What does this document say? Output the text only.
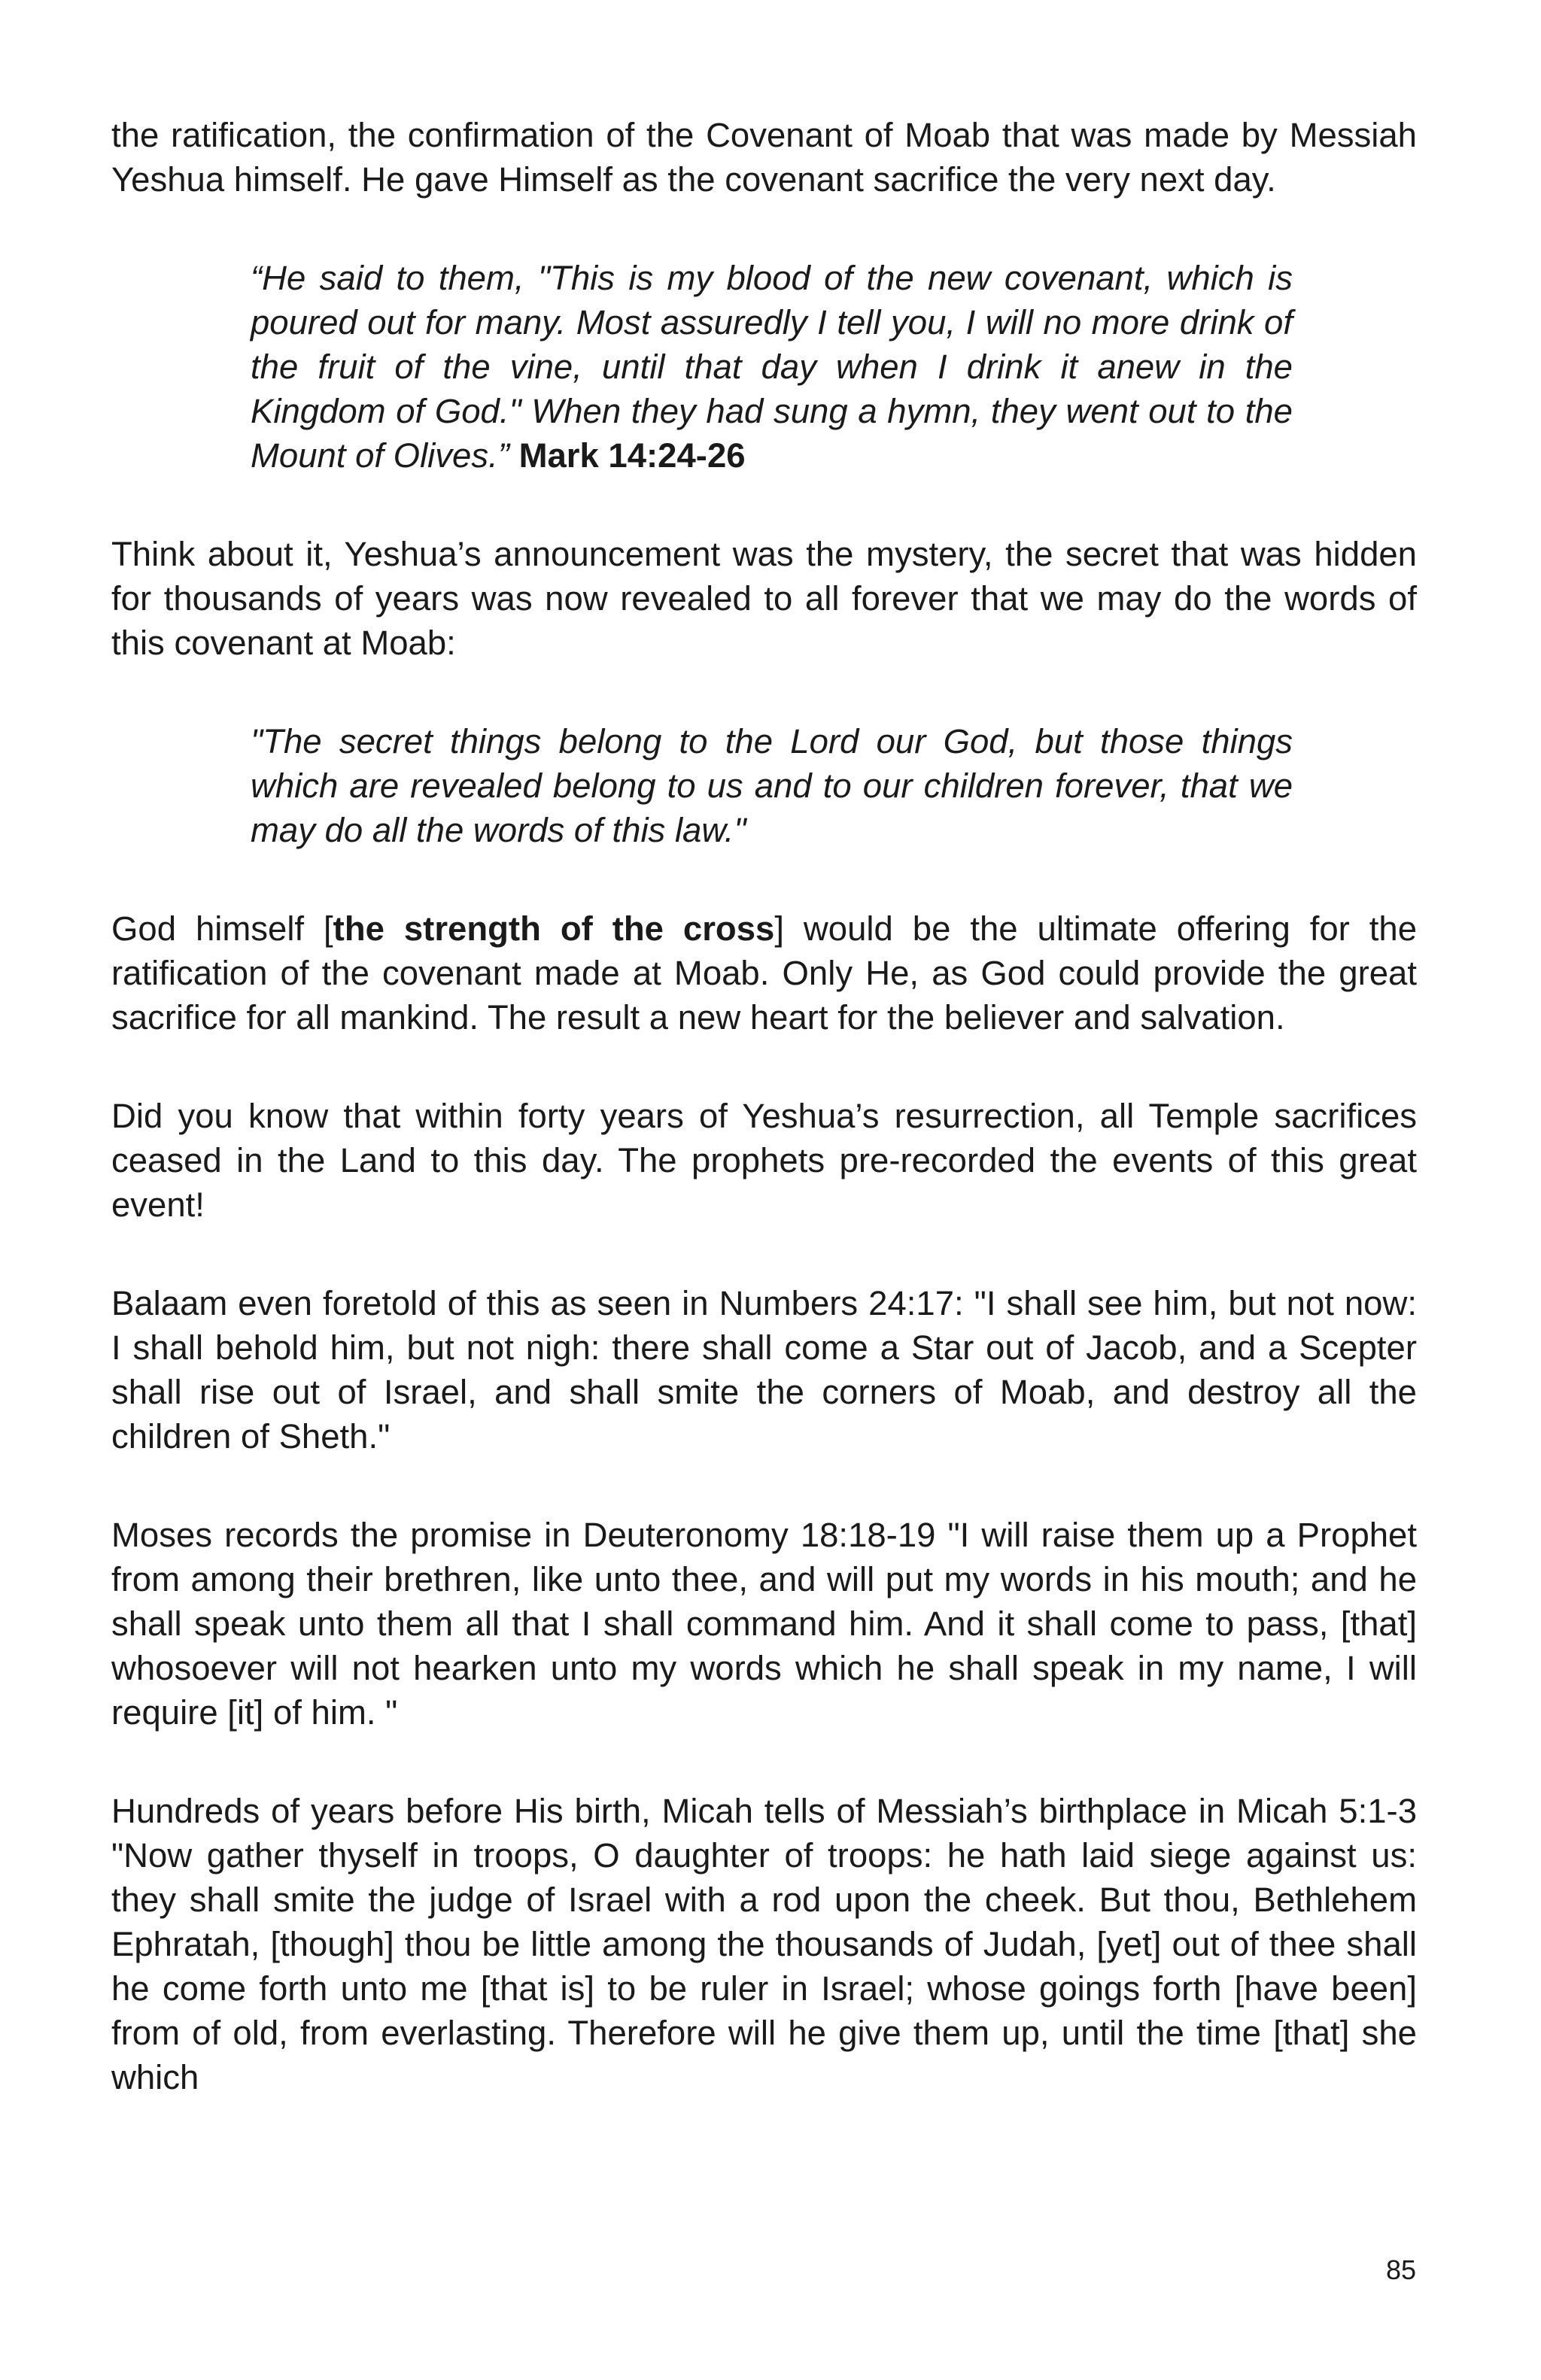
the ratification, the confirmation of the Covenant of Moab that was made by Messiah Yeshua himself. He gave Himself as the covenant sacrifice the very next day.

“He said to them, "This is my blood of the new covenant, which is poured out for many. Most assuredly I tell you, I will no more drink of the fruit of the vine, until that day when I drink it anew in the Kingdom of God." When they had sung a hymn, they went out to the Mount of Olives.” Mark 14:24-26

Think about it, Yeshua’s announcement was the mystery, the secret that was hidden for thousands of years was now revealed to all forever that we may do the words of this covenant at Moab:

"The secret things belong to the Lord our God, but those things which are revealed belong to us and to our children forever, that we may do all the words of this law."

God himself [the strength of the cross] would be the ultimate offering for the ratification of the covenant made at Moab. Only He, as God could provide the great sacrifice for all mankind. The result a new heart for the believer and salvation.

Did you know that within forty years of Yeshua’s resurrection, all Temple sacrifices ceased in the Land to this day. The prophets pre-recorded the events of this great event!

Balaam even foretold of this as seen in Numbers 24:17: "I shall see him, but not now: I shall behold him, but not nigh: there shall come a Star out of Jacob, and a Scepter shall rise out of Israel, and shall smite the corners of Moab, and destroy all the children of Sheth."

Moses records the promise in Deuteronomy 18:18-19 "I will raise them up a Prophet from among their brethren, like unto thee, and will put my words in his mouth; and he shall speak unto them all that I shall command him. And it shall come to pass, [that] whosoever will not hearken unto my words which he shall speak in my name, I will require [it] of him. "

Hundreds of years before His birth, Micah tells of Messiah’s birthplace in Micah 5:1-3 "Now gather thyself in troops, O daughter of troops: he hath laid siege against us: they shall smite the judge of Israel with a rod upon the cheek. But thou, Bethlehem Ephratah, [though] thou be little among the thousands of Judah, [yet] out of thee shall he come forth unto me [that is] to be ruler in Israel; whose goings forth [have been] from of old, from everlasting. Therefore will he give them up, until the time [that] she which

85
